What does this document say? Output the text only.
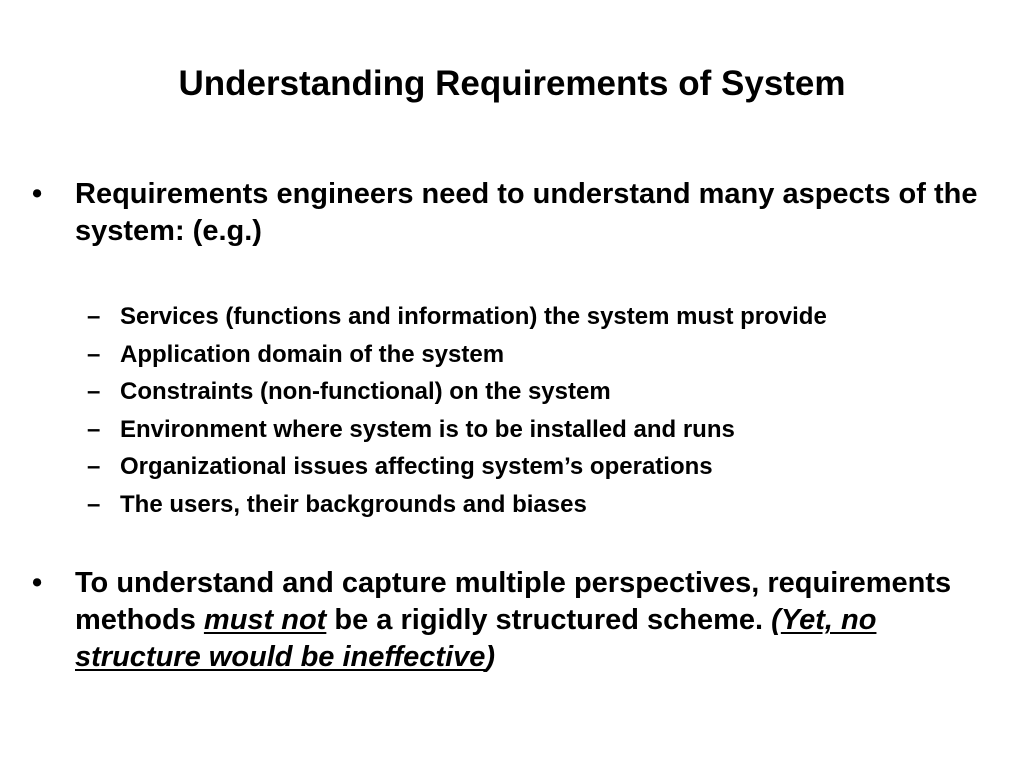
Understanding Requirements of System
•	Requirements engineers need to understand many aspects of the system: (e.g.)
– Services (functions and information) the system must provide
– Application domain of the system
– Constraints (non-functional) on the system
– Environment where system is to be installed and runs
– Organizational issues affecting system’s operations
– The users, their backgrounds and biases
•	To understand and capture multiple perspectives, requirements methods must not be a rigidly structured scheme. (Yet, no structure would be ineffective)
